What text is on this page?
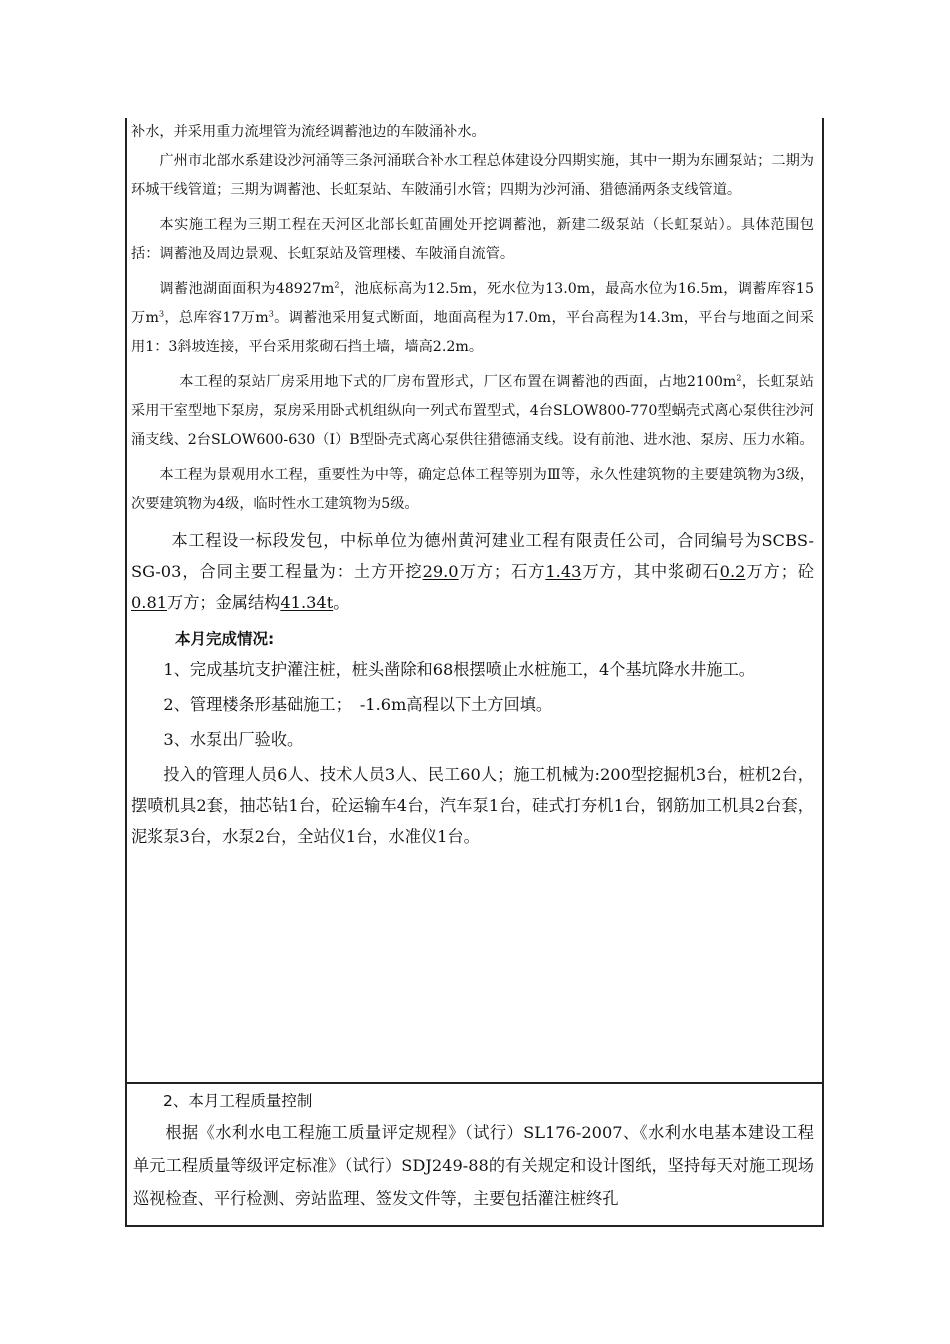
补水，并采用重力流埋管为流经调蓄池边的车陂涌补水。

广州市北部水系建设沙河涌等三条河涌联合补水工程总体建设分四期实施，其中一期为东圃泵站；二期为环城干线管道；三期为调蓄池、长虹泵站、车陂涌引水管；四期为沙河涌、猎德涌两条支线管道。

本实施工程为三期工程在天河区北部长虹苗圃处开挖调蓄池，新建二级泵站（长虹泵站）。具体范围包括：调蓄池及周边景观、长虹泵站及管理楼、车陂涌自流管。

调蓄池湖面面积为$48927m^2$，池底标高为12.5m，死水位为13.0m，最高水位为16.5m，调蓄库容15万$m^3$，总库容17万$m^3$。调蓄池采用复式断面，地面高程为17.0m，平台高程为14.3m，平台与地面之间采用1：3斜坡连接，平台采用浆砌石挡土墙，墙高2.2m。

本工程的泵站厂房采用地下式的厂房布置形式，厂区布置在调蓄池的西面，占地$2100m^2$，长虹泵站采用干室型地下泵房，泵房采用卧式机组纵向一列式布置型式，4台SLOW800-770型蜗壳式离心泵供往沙河涌支线、2台SLOW600-630（Ⅰ）B型卧壳式离心泵供往猎德涌支线。设有前池、进水池、泵房、压力水箱。

本工程为景观用水工程，重要性为中等，确定总体工程等别为Ⅲ等，永久性建筑物的主要建筑物为3级，次要建筑物为4级，临时性水工建筑物为5级。

本工程设一标段发包，中标单位为德州黄河建业工程有限责任公司，合同编号为SCBS-SG-03，合同主要工程量为：土方开挖29.0万方；石方1.43万方，其中浆砌石0.2万方；砼0.81万方；金属结构41.34t。

本月完成情况:

1、完成基坑支护灌注桩，桩头凿除和68根摆喷止水桩施工，4个基坑降水井施工。

2、管理楼条形基础施工；　-1.6m高程以下土方回填。

3、水泵出厂验收。

投入的管理人员6人、技术人员3人、民工60人；施工机械为:200型挖掘机3台，桩机2台，摆喷机具2套，抽芯钻1台，砼运输车4台，汽车泵1台，硅式打夯机1台，钢筋加工机具2台套，泥浆泵3台，水泵2台，全站仪1台，水准仪1台。

2、本月工程质量控制

根据《水利水电工程施工质量评定规程》（试行）SL176-2007、《水利水电基本建设工程单元工程质量等级评定标准》（试行）SDJ249-88的有关规定和设计图纸，坚持每天对施工现场巡视检查、平行检测、旁站监理、签发文件等，主要包括灌注桩终孔
